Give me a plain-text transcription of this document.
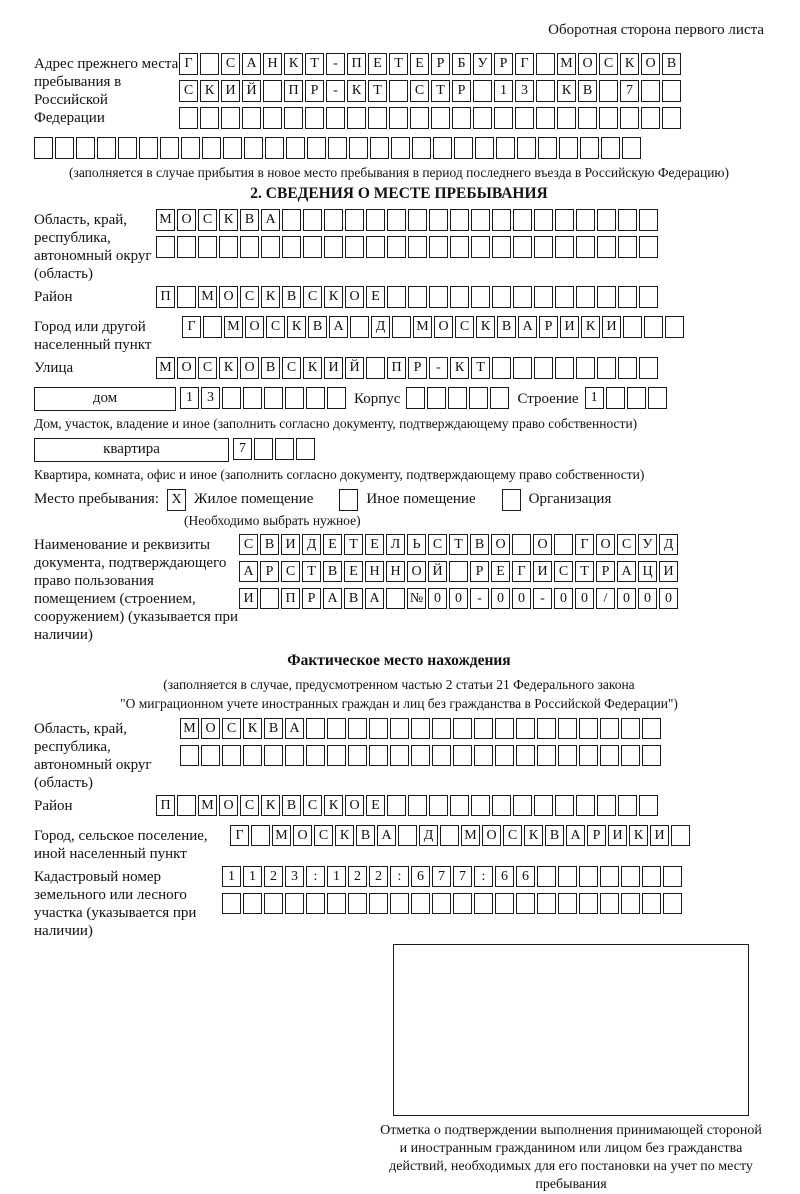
Оборотная сторона первого листа
Адрес прежнего места пребывания в Российской Федерации
Г	С А Н К Т	- П Е Т Е Р Б У Р Г	М О С К О В
С К И Й	П Р	-	К Т	С Т Р	1	3	К В	7
(заполняется в случае прибытия в новое место пребывания в период последнего въезда в Российскую Федерацию)
2. СВЕДЕНИЯ О МЕСТЕ ПРЕБЫВАНИЯ
Область, край, республика, автономный округ (область)
М О С К В А
Район	П	М О С К В С К О Е
Город или другой населенный пункт
Г	М О С К В А	Д	М О С К В А Р И К И
Улица	М О С К О В С К И Й	П Р	-	К Т
дом	1	3	Корпус	Строение 1
Дом, участок, владение и иное (заполнить согласно документу, подтверждающему право собственности)
квартира	7
Квартира, комната, офис и иное (заполнить согласно документу, подтверждающему право собственности)
Место пребывания: X Жилое помещение	Иное помещение	Организация
(Необходимо выбрать нужное)
Наименование и реквизиты документа, подтверждающего право пользования помещением (строением, сооружением) (указывается при наличии)
С В И Д Е Т Е Л Ь С Т В О	О	Г О С У Д
А Р С Т В Е Н Н О Й	Р Е Г И С Т Р А Ц И
И	П Р А В А	№ 0	0	-	0	0	-	0	0	/	0	0	0
Фактическое место нахождения
(заполняется в случае, предусмотренном частью 2 статьи 21 Федерального закона
"О миграционном учете иностранных граждан и лиц без гражданства в Российской Федерации")
Область, край, республика, автономный округ (область)
М О С К В А
Район	П	М О С К В С К О Е
Город, сельское поселение, иной населенный пункт
Г	М О С К В А	Д	М О С К В А Р И К И
Кадастровый номер земельного или лесного участка (указывается при наличии)
1	1	2	3	:	1	2	2	:	6	7	7	:	6	6
Отметка о подтверждении выполнения принимающей стороной и иностранным гражданином или лицом без гражданства действий, необходимых для его постановки на учет по месту пребывания
